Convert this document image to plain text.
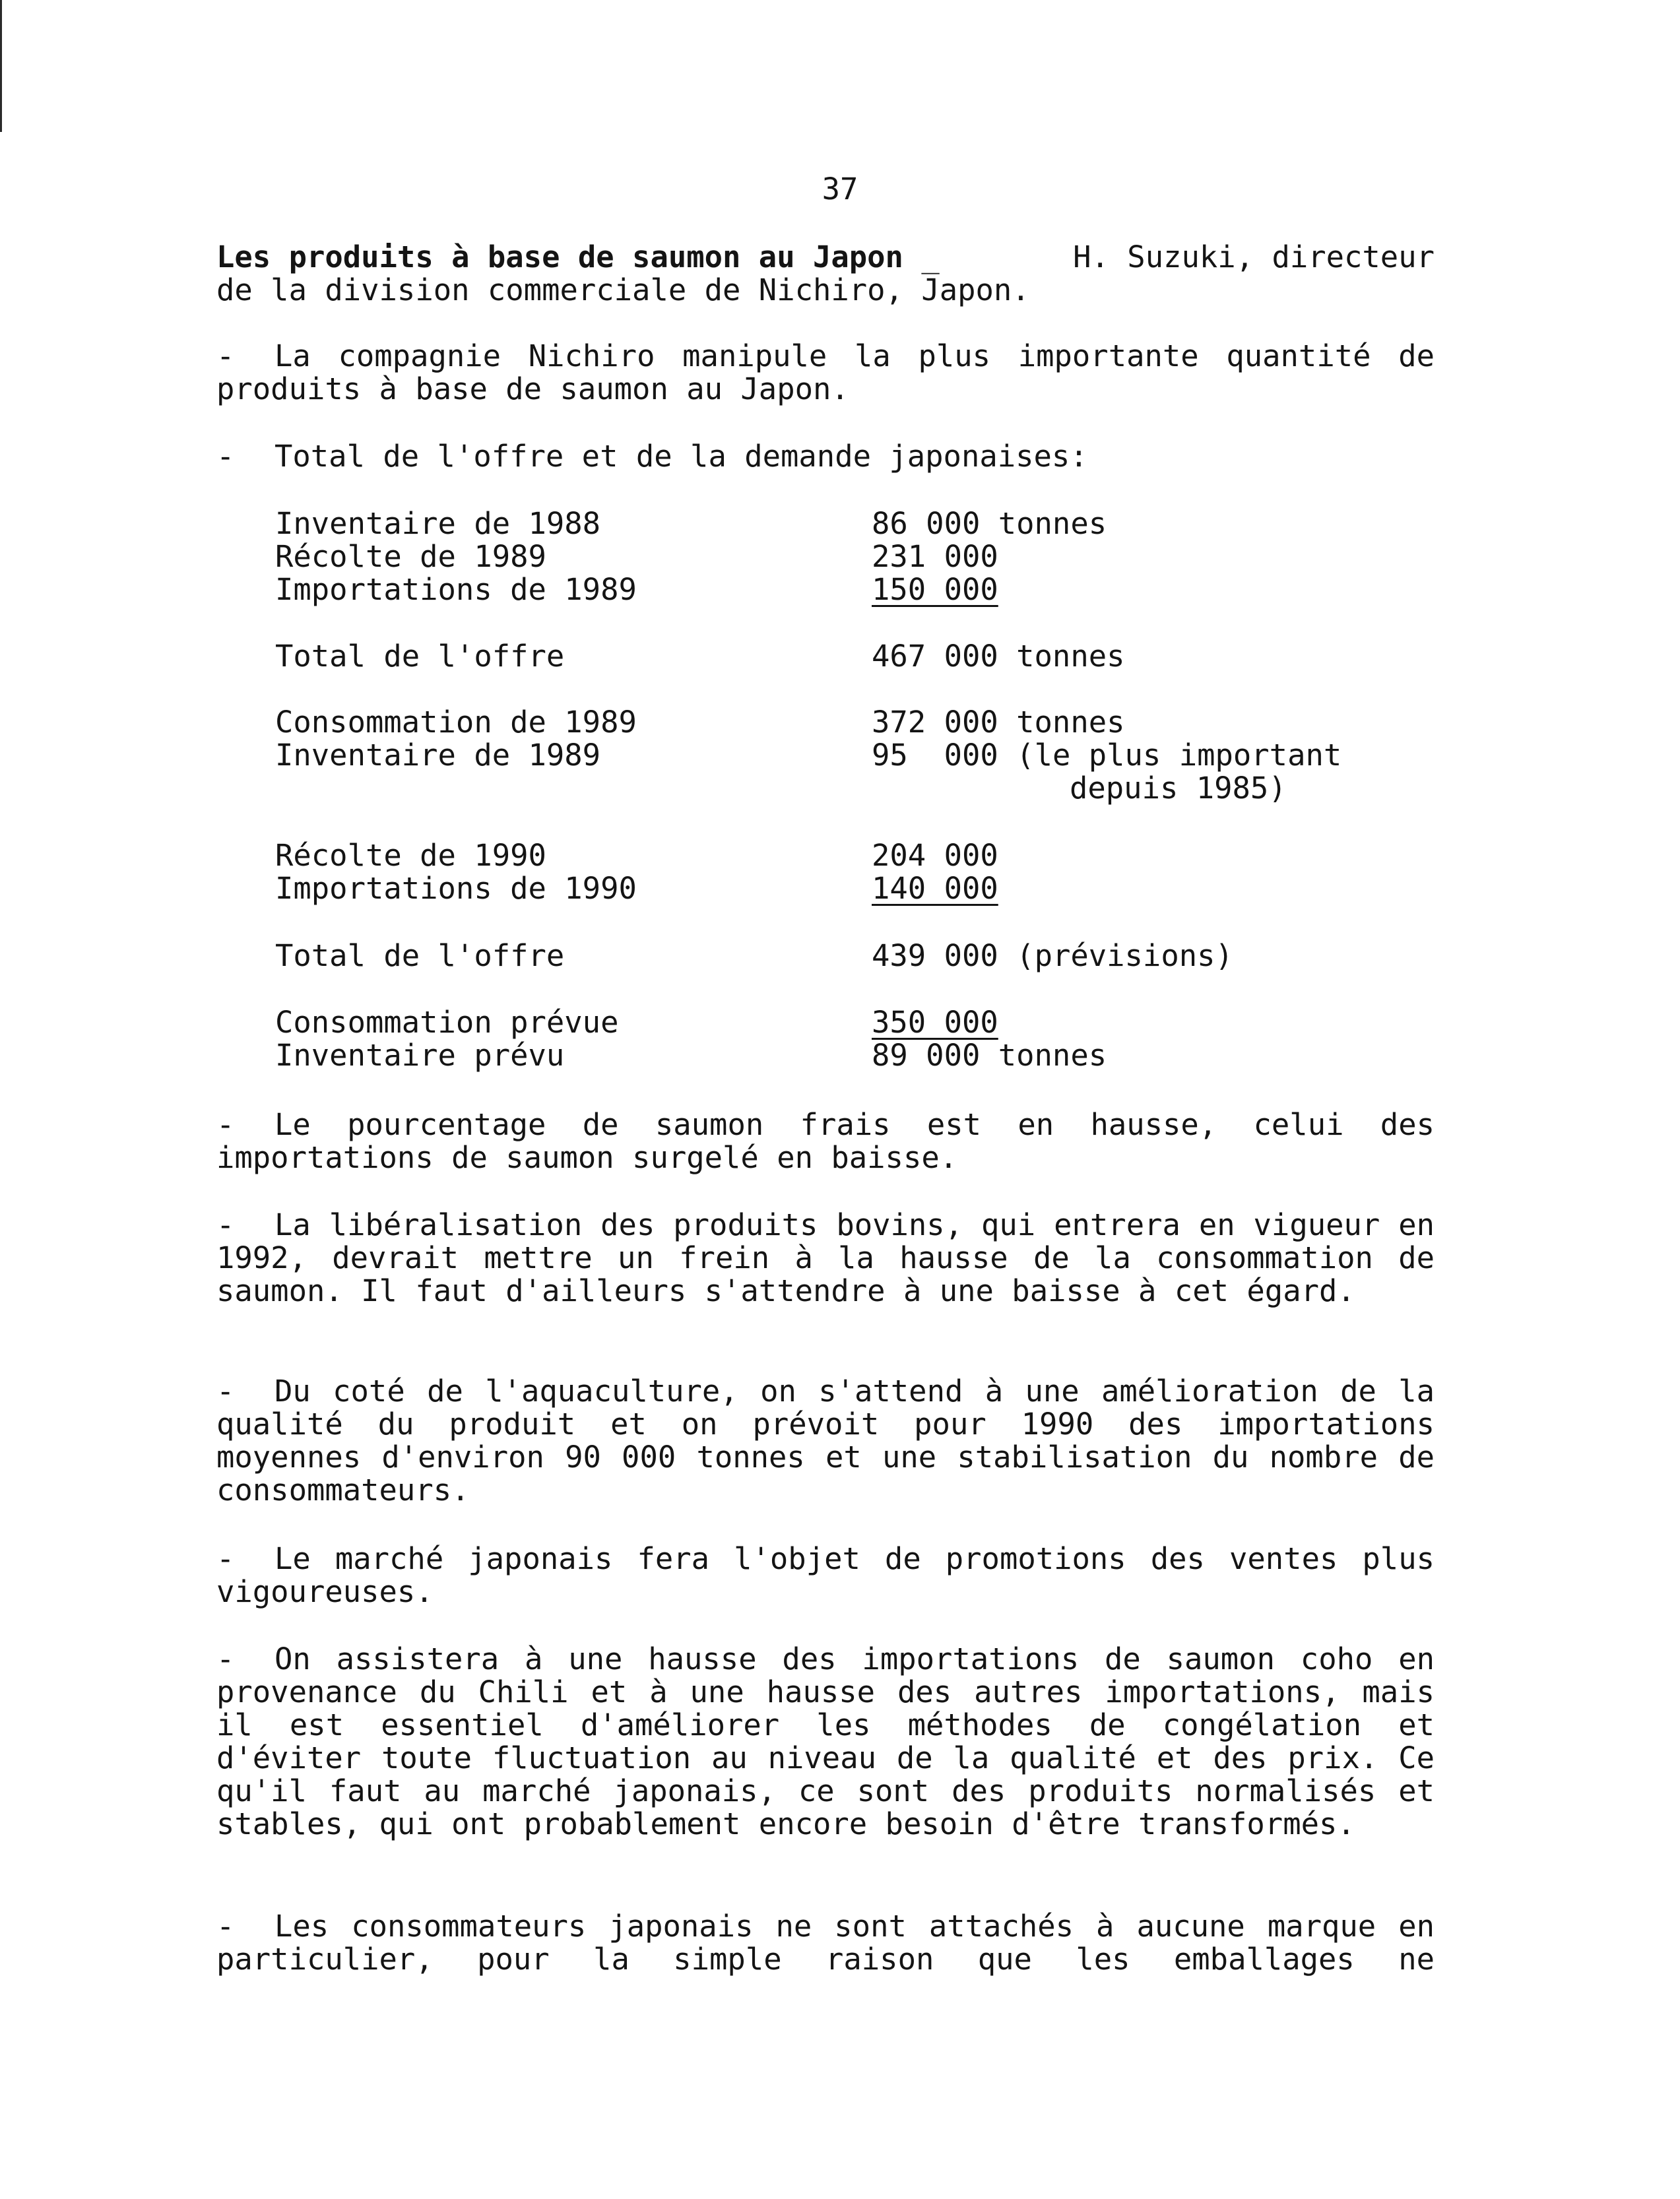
37

Les produits à base de saumon au Japon _	H. Suzuki, directeur

de la division commerciale de Nichiro, Japon.

- La compagnie Nichiro manipule la plus importante quantité de produits à base de saumon au Japon.

- Total de l'offre et de la demande japonaises:

Inventaire de 1988	86 000 tonnes
Récolte de 1989	231 000
Importations de 1989	150 000
Total de l'offre	467 000 tonnes
Consommation de 1989	372 000 tonnes
Inventaire de 1989	95  000 (le plus important
depuis 1985)
Récolte de 1990	204 000
Importations de 1990	140 000
Total de l'offre	439 000 (prévisions)
Consommation prévue	350 000
Inventaire prévu	89 000 tonnes

- Le pourcentage de saumon frais est en hausse, celui des importations de saumon surgelé en baisse.

- La libéralisation des produits bovins, qui entrera en vigueur en 1992, devrait mettre un frein à la hausse de la consommation de saumon. Il faut d'ailleurs s'attendre à une baisse à cet égard.

- Du coté de l'aquaculture, on s'attend à une amélioration de la qualité du produit et on prévoit pour 1990 des importations moyennes d'environ 90 000 tonnes et une stabilisation du nombre de consommateurs.

- Le marché japonais fera l'objet de promotions des ventes plus vigoureuses.

- On assistera à une hausse des importations de saumon coho en provenance du Chili et à une hausse des autres importations, mais il est essentiel d'améliorer les méthodes de congélation et d'éviter toute fluctuation au niveau de la qualité et des prix. Ce qu'il faut au marché japonais, ce sont des produits normalisés et stables, qui ont probablement encore besoin d'être transformés.

- Les consommateurs japonais ne sont attachés à aucune marque en particulier, pour la simple raison que les emballages ne
